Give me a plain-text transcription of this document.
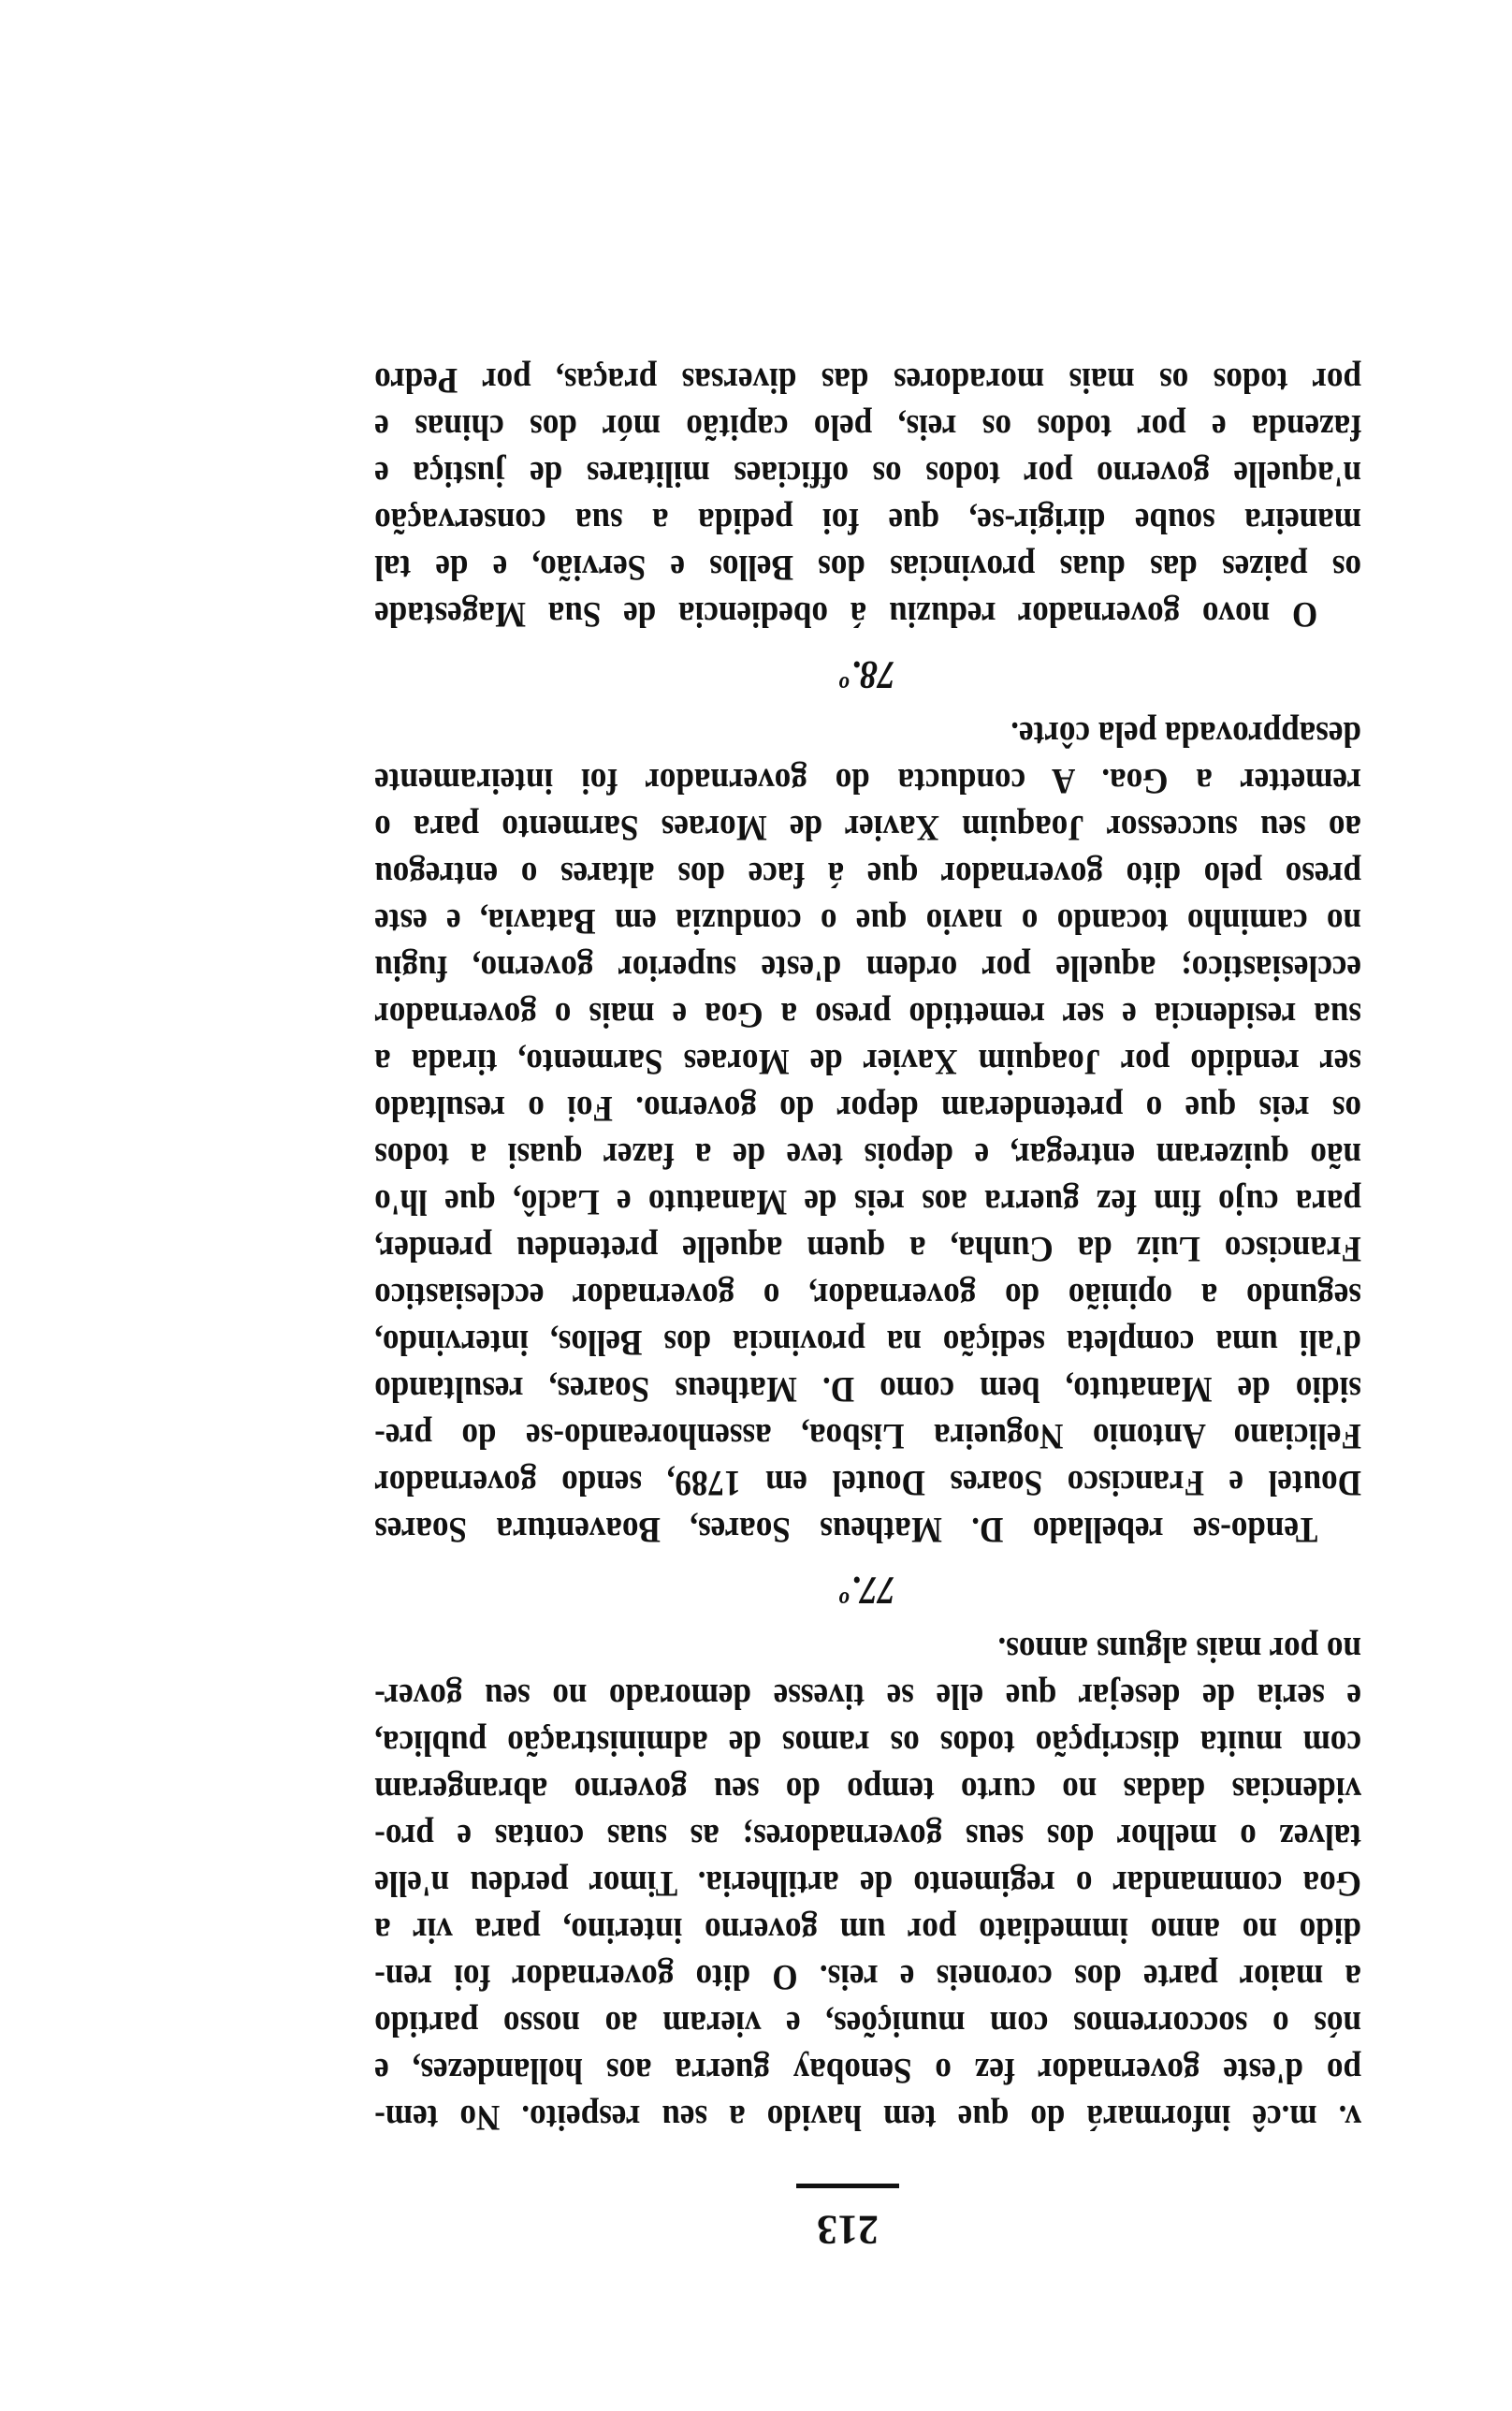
213
v. m.cê informará do que tem havido a seu respeito. No tem-
po d'este governador fez o Senobay guerra aos hollandezes, e
nós o soccorremos com munições, e vieram ao nosso partido
a maior parte dos coroneis e reis. O dito governador foi ren-
dido no anno immediato por um governo interino, para vir a
Goa commandar o regimento de artilheria. Timor perdeu n'elle
talvez o melhor dos seus governadores; as suas contas e pro-
videncias dadas no curto tempo do seu governo abrangeram
com muita discripção todos os ramos de administração publica,
e seria de desejar que elle se tivesse demorado no seu gover-
no por mais alguns annos.
77.º
Tendo-se rebellado D. Matheus Soares, Boaventura Soares
Doutel e Francisco Soares Doutel em 1789, sendo governador
Feliciano Antonio Nogueira Lisboa, assenhoreando-se do pre-
sidio de Manatuto, bem como D. Matheus Soares, resultando
d'ali uma completa sedição na provincia dos Bellos, intervindo,
segundo a opinião do governador, o governador ecclesiastico
Francisco Luiz da Cunha, a quem aquelle pretendeu prender,
para cujo fim fez guerra aos reis de Manatuto e Laclô, que lh'o
não quizeram entregar, e depois teve de a fazer quasi a todos
os reis que o pretenderam depor do governo. Foi o resultado
ser rendido por Joaquim Xavier de Moraes Sarmento, tirada a
sua residencia e ser remettido preso a Goa e mais o governador
ecclesiastico; aquelle por ordem d'este superior governo, fugiu
no caminho tocando o navio que o conduzia em Batavia, e este
preso pelo dito governador que á face dos altares o entregou
ao seu successor Joaquim Xavier de Moraes Sarmento para o
remetter a Goa. A conducta do governador foi inteiramente
desapprovada pela côrte.
78.º
O novo governador reduziu á obediencia de Sua Magestade
os paizes das duas provincias dos Bellos e Servião, e de tal
maneira soube dirigir-se, que foi pedida a sua conservação
n'aquelle governo por todos os officiaes militares de justiça e
fazenda e por todos os reis, pelo capitão mór dos chinas e
por todos os mais moradores das diversas praças, por Pedro
